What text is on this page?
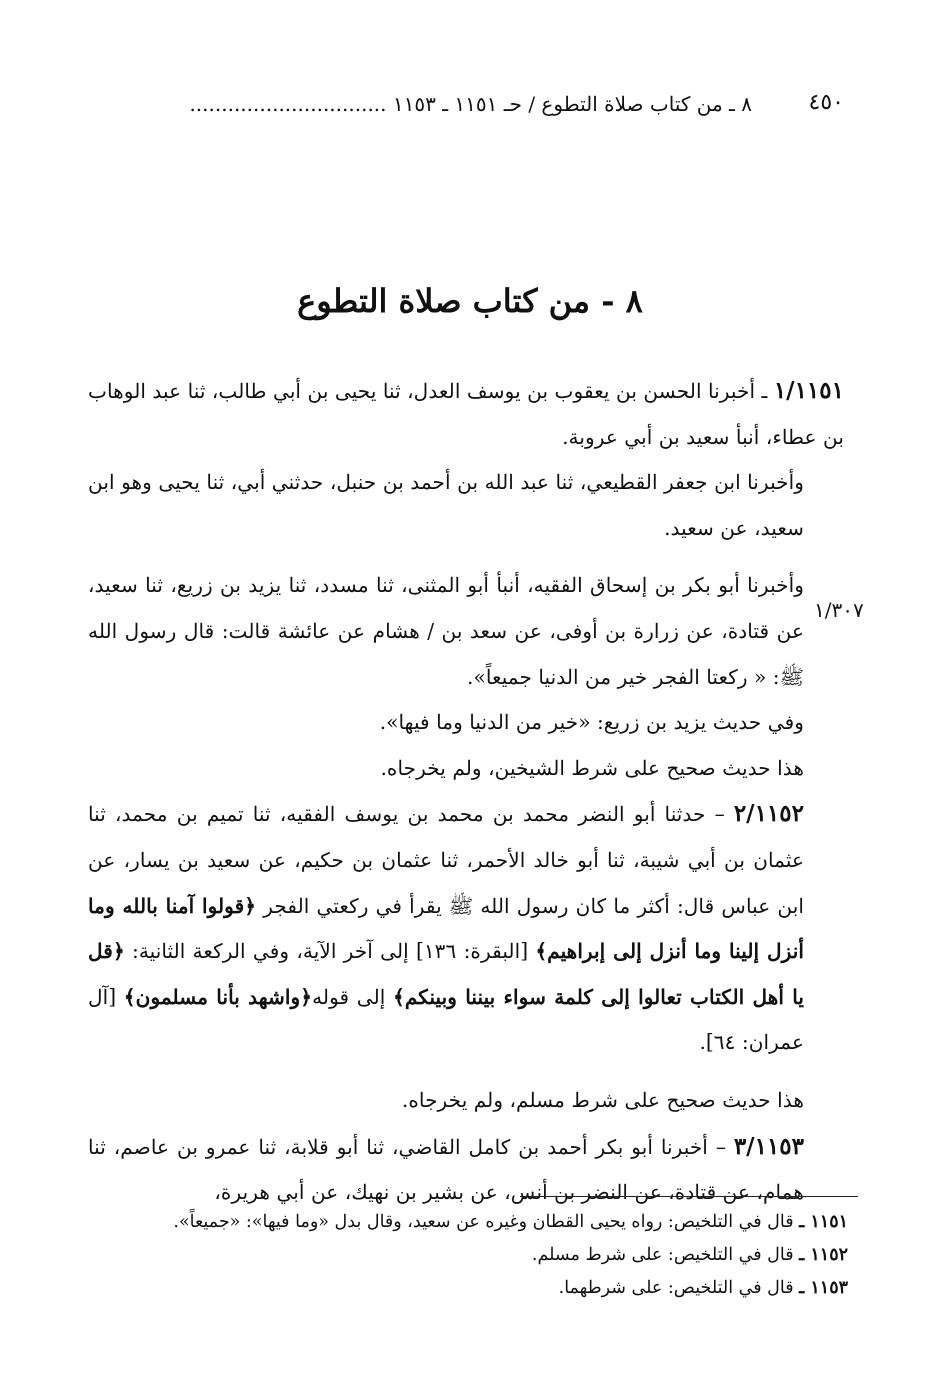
٤٥٠
٨ ـ من كتاب صلاة التطوع / حـ ١١٥١ ـ ١١٥٣ ...............................
٨ - من كتاب صلاة التطوع
١/٣٠٧

١/١١٥١ ـ أخبرنا الحسن بن يعقوب بن يوسف العدل، ثنا يحيى بن أبي طالب، ثنا عبد الوهاب بن عطاء، أنبأ سعيد بن أبي عروبة.

وأخبرنا ابن جعفر القطيعي، ثنا عبد الله بن أحمد بن حنبل، حدثني أبي، ثنا يحيى وهو ابن سعيد، عن سعيد.

وأخبرنا أبو بكر بن إسحاق الفقيه، أنبأ أبو المثنى، ثنا مسدد، ثنا يزيد بن زريع، ثنا سعيد، عن قتادة، عن زرارة بن أوفى، عن سعد بن / هشام عن عائشة قالت: قال رسول الله ﷺ: « ركعتا الفجر خير من الدنيا جميعاً».

وفي حديث يزيد بن زريع: «خير من الدنيا وما فيها».

هذا حديث صحيح على شرط الشيخين، ولم يخرجاه.

٢/١١٥٢ – حدثنا أبو النضر محمد بن محمد بن يوسف الفقيه، ثنا تميم بن محمد، ثنا عثمان بن أبي شيبة، ثنا أبو خالد الأحمر، ثنا عثمان بن حكيم، عن سعيد بن يسار، عن ابن عباس قال: أكثر ما كان رسول الله ﷺ يقرأ في ركعتي الفجر ﴿قولوا آمنا بالله وما أنزل إلينا وما أنزل إلى إبراهيم﴾ [البقرة: ١٣٦] إلى آخر الآية، وفي الركعة الثانية: ﴿قل يا أهل الكتاب تعالوا إلى كلمة سواء بيننا وبينكم﴾ إلى قوله﴿واشهد بأنا مسلمون﴾ [آل عمران: ٦٤].

هذا حديث صحيح على شرط مسلم، ولم يخرجاه.

٣/١١٥٣ – أخبرنا أبو بكر أحمد بن كامل القاضي، ثنا أبو قلابة، ثنا عمرو بن عاصم، ثنا همام، عن قتادة، عن النضر بن أنس، عن بشير بن نهيك، عن أبي هريرة،

١١٥١ ـ قال في التلخيص: رواه يحيى القطان وغيره عن سعيد، وقال بدل «وما فيها»: «جميعاً».
١١٥٢ ـ قال في التلخيص: على شرط مسلم.
١١٥٣ ـ قال في التلخيص: على شرطهما.
